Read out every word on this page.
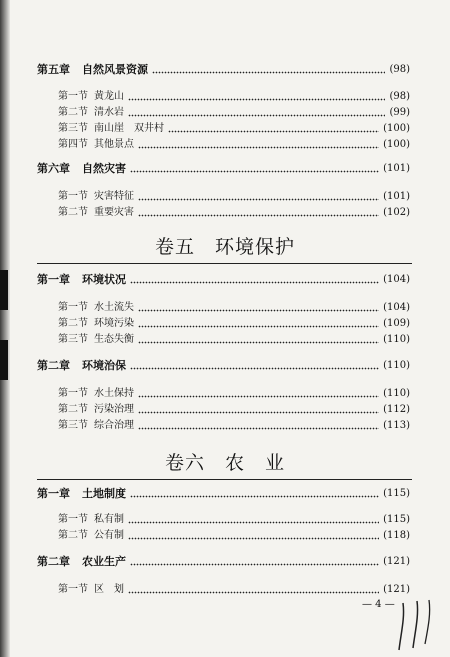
第五章 自然风景资源	(98)
第一节 黄龙山	(98)
第二节 清水岩	(99)
第三节 南山崖　双井村	(100)
第四节 其他景点	(100)
第六章 自然灾害	(101)
第一节 灾害特征	(101)
第二节 重要灾害	(102)
卷五　环境保护
第一章 环境状况	(104)
第一节 水土流失	(104)
第二节 环境污染	(109)
第三节 生态失衡	(110)
第二章 环境治保	(110)
第一节 水土保持	(110)
第二节 污染治理	(112)
第三节 综合治理	(113)
卷六　农　业
第一章 土地制度	(115)
第一节 私有制	(115)
第二节 公有制	(118)
第二章 农业生产	(121)
第一节 区　划	(121)
— 4 —
